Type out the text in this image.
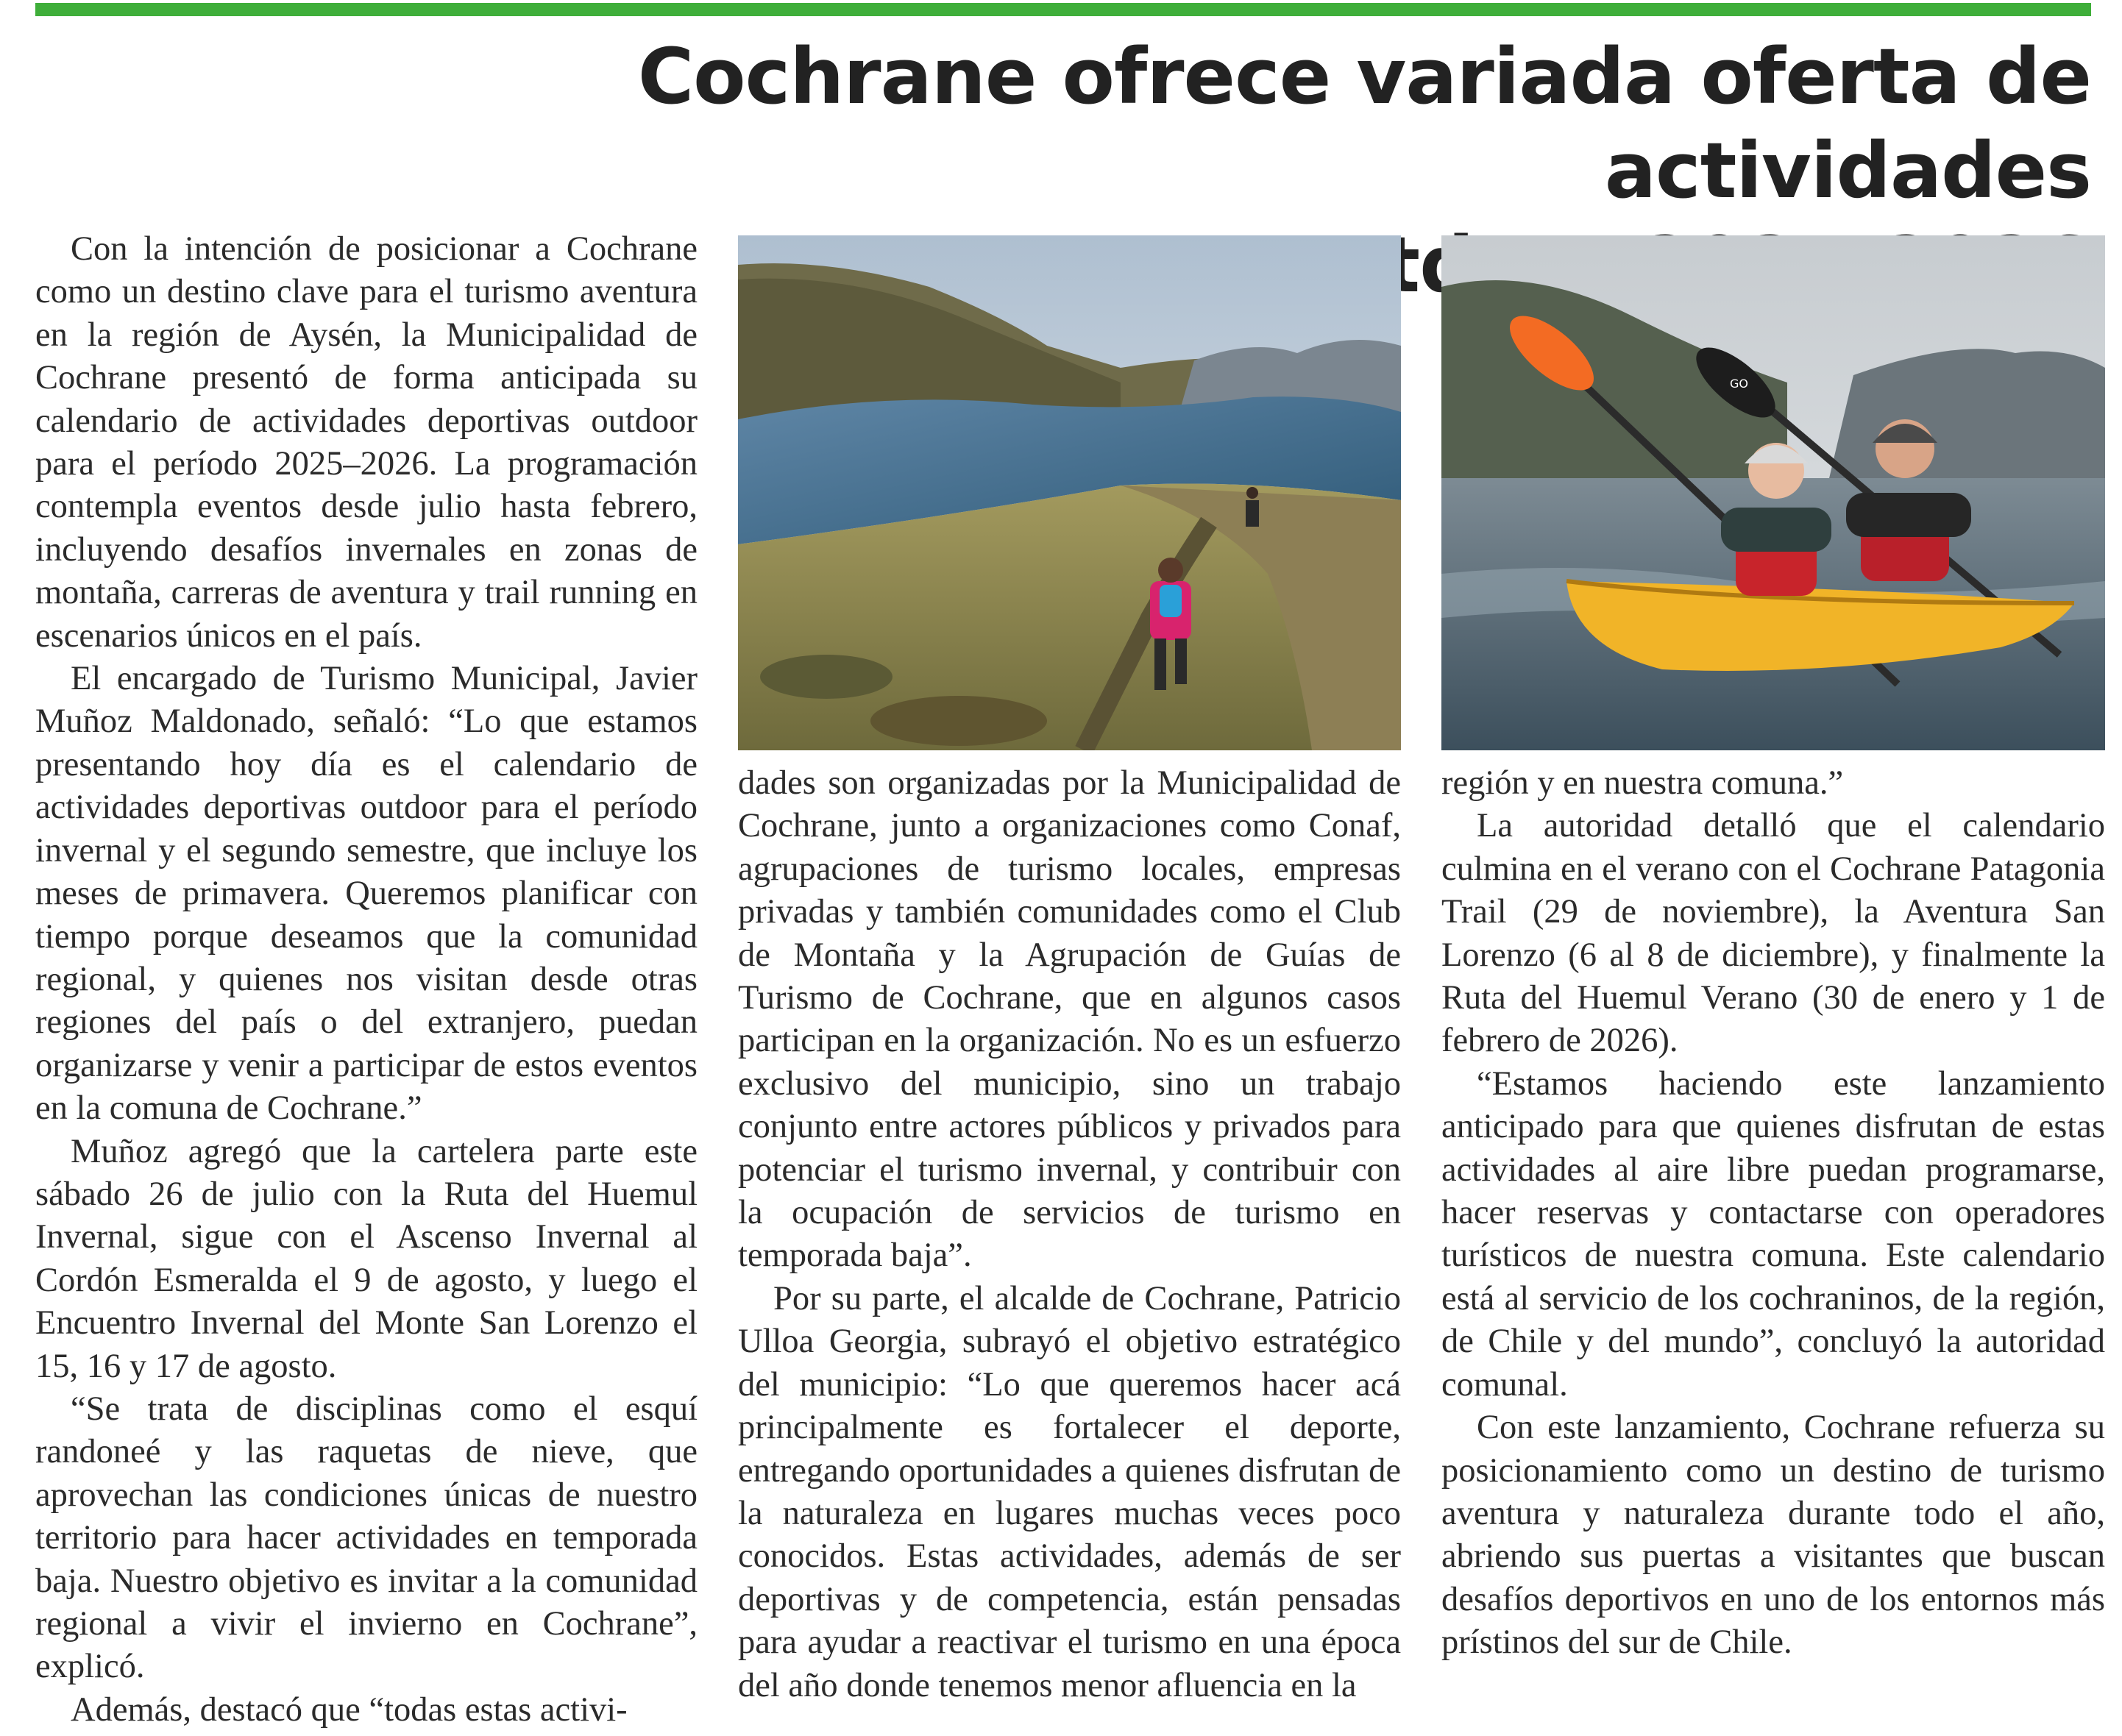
Cochrane ofrece variada oferta de actividades

Con la intención de posicionar a Cochrane como un destino clave para el turismo aventura en la región de Aysén, la Municipalidad de Cochrane presentó de forma anticipada su calendario de actividades deportivas outdoor para el período 2025–2026. La programación contempla eventos desde julio hasta febrero, incluyendo desafíos invernales en zonas de montaña, carreras de aventura y trail running en escenarios únicos en el país.

El encargado de Turismo Municipal, Javier Muñoz Maldonado, señaló: “Lo que estamos presentando hoy día es el calendario de actividades deportivas outdoor para el período invernal y el segundo semestre, que incluye los meses de primavera. Queremos planificar con tiempo porque deseamos que la comunidad regional, y quienes nos visitan desde otras regiones del país o del extranjero, puedan organizarse y venir a participar de estos eventos en la comuna de Cochrane.”

Muñoz agregó que la cartelera parte este sábado 26 de julio con la Ruta del Huemul Invernal, sigue con el Ascenso Invernal al Cordón Esmeralda el 9 de agosto, y luego el Encuentro Invernal del Monte San Lorenzo el 15, 16 y 17 de agosto.

“Se trata de disciplinas como el esquí randoneé y las raquetas de nieve, que aprovechan las condiciones únicas de nuestro territorio para hacer actividades en temporada baja. Nuestro objetivo es invitar a la comunidad regional a vivir el invierno en Cochrane”, explicó.

Además, destacó que “todas estas activi-

GO

dades son organizadas por la Municipalidad de Cochrane, junto a organizaciones como Conaf, agrupaciones de turismo locales, empresas privadas y también comunidades como el Club de Montaña y la Agrupación de Guías de Turismo de Cochrane, que en algunos casos participan en la organización. No es un esfuerzo exclusivo del municipio, sino un trabajo conjunto entre actores públicos y privados para potenciar el turismo invernal, y contribuir con la ocupación de servicios de turismo en temporada baja”.

Por su parte, el alcalde de Cochrane, Patricio Ulloa Georgia, subrayó el objetivo estratégico del municipio: “Lo que queremos hacer acá principalmente es fortalecer el deporte, entregando oportunidades a quienes disfrutan de la naturaleza en lugares muchas veces poco conocidos. Estas actividades, además de ser deportivas y de competencia, están pensadas para ayudar a reactivar el turismo en una época del año donde tenemos menor afluencia en la

región y en nuestra comuna.”

La autoridad detalló que el calendario culmina en el verano con el Cochrane Patagonia Trail (29 de noviembre), la Aventura San Lorenzo (6 al 8 de diciembre), y finalmente la Ruta del Huemul Verano (30 de enero y 1 de febrero de 2026).

“Estamos haciendo este lanzamiento anticipado para que quienes disfrutan de estas actividades al aire libre puedan programarse, hacer reservas y contactarse con operadores turísticos de nuestra comuna. Este calendario está al servicio de los cochraninos, de la región, de Chile y del mundo”, concluyó la autoridad comunal.

Con este lanzamiento, Cochrane refuerza su posicionamiento como un destino de turismo aventura y naturaleza durante todo el año, abriendo sus puertas a visitantes que buscan desafíos deportivos en uno de los entornos más prístinos del sur de Chile.
